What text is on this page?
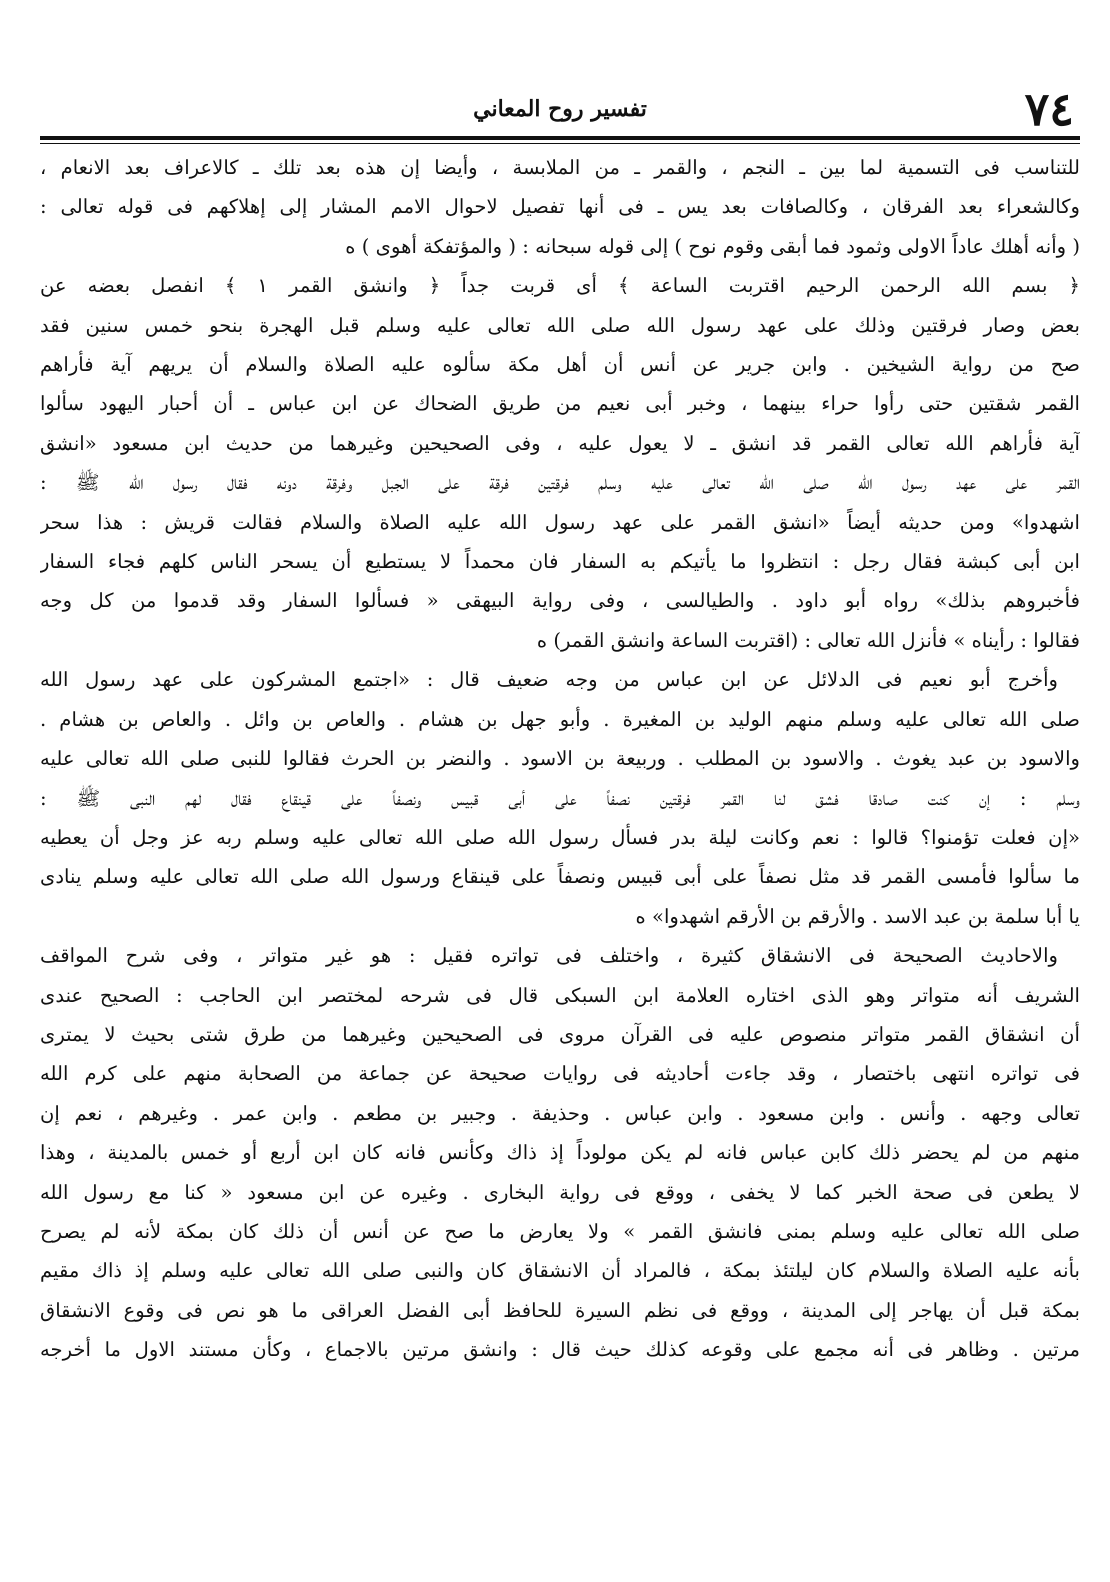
٧٤
تفسير روح المعاني
للتناسب فى التسمية لما بين ـ النجم ، والقمر ـ من الملابسة ، وأيضا إن هذه بعد تلك ـ كالاعراف بعد الانعام ،
وكالشعراء بعد الفرقان ، وكالصافات بعد يس ـ فى أنها تفصيل لاحوال الامم المشار إلى إهلاكهم فى قوله تعالى :
( وأنه أهلك عاداً الاولى وثمود فما أبقى وقوم نوح ) إلى قوله سبحانه : ( والمؤتفكة أهوى ) ه
﴿ بسم الله الرحمن الرحيم اقتربت الساعة ﴾ أى قربت جداً ﴿ وانشق القمر ١ ﴾ انفصل بعضه عن
بعض وصار فرقتين وذلك على عهد رسول الله صلى الله تعالى عليه وسلم قبل الهجرة بنحو خمس سنين فقد
صح من رواية الشيخين . وابن جرير عن أنس أن أهل مكة سألوه عليه الصلاة والسلام أن يريهم آية فأراهم
القمر شقتين حتى رأوا حراء بينهما ، وخبر أبى نعيم من طريق الضحاك عن ابن عباس ـ أن أحبار اليهود سألوا
آية فأراهم الله تعالى القمر قد انشق ـ لا يعول عليه ، وفى الصحيحين وغيرهما من حديث ابن مسعود «انشق
القمر على عهد رسول الله صلى الله تعالى عليه وسلم فرقتين فرقة على الجبل وفرقة دونه فقال رسول الله ﷺ :
اشهدوا» ومن حديثه أيضاً «انشق القمر على عهد رسول الله عليه الصلاة والسلام فقالت قريش : هذا سحر
ابن أبى كبشة فقال رجل : انتظروا ما يأتيكم به السفار فان محمداً لا يستطيع أن يسحر الناس كلهم فجاء السفار
فأخبروهم بذلك» رواه أبو داود . والطيالسى ، وفى رواية البيهقى « فسألوا السفار وقد قدموا من كل وجه
فقالوا : رأيناه » فأنزل الله تعالى : (اقتربت الساعة وانشق القمر) ه
وأخرج أبو نعيم فى الدلائل عن ابن عباس من وجه ضعيف قال : «اجتمع المشركون على عهد رسول الله
صلى الله تعالى عليه وسلم منهم الوليد بن المغيرة . وأبو جهل بن هشام . والعاص بن وائل . والعاص بن هشام .
والاسود بن عبد يغوث . والاسود بن المطلب . وربيعة بن الاسود . والنضر بن الحرث فقالوا للنبى صلى الله تعالى عليه
وسلم : إن كنت صادقا فشق لنا القمر فرقتين نصفاً على أبى قبيس ونصفاً على قينقاع فقال لهم النبى ﷺ :
«إن فعلت تؤمنوا؟ قالوا : نعم وكانت ليلة بدر فسأل رسول الله صلى الله تعالى عليه وسلم ربه عز وجل أن يعطيه
ما سألوا فأمسى القمر قد مثل نصفاً على أبى قبيس ونصفاً على قينقاع ورسول الله صلى الله تعالى عليه وسلم ينادى
يا أبا سلمة بن عبد الاسد . والأرقم بن الأرقم اشهدوا» ه
والاحاديث الصحيحة فى الانشقاق كثيرة ، واختلف فى تواتره فقيل : هو غير متواتر ، وفى شرح المواقف
الشريف أنه متواتر وهو الذى اختاره العلامة ابن السبكى قال فى شرحه لمختصر ابن الحاجب : الصحيح عندى
أن انشقاق القمر متواتر منصوص عليه فى القرآن مروى فى الصحيحين وغيرهما من طرق شتى بحيث لا يمترى
فى تواتره انتهى باختصار ، وقد جاءت أحاديثه فى روايات صحيحة عن جماعة من الصحابة منهم على كرم الله
تعالى وجهه . وأنس . وابن مسعود . وابن عباس . وحذيفة . وجبير بن مطعم . وابن عمر . وغيرهم ، نعم إن
منهم من لم يحضر ذلك كابن عباس فانه لم يكن مولوداً إذ ذاك وكأنس فانه كان ابن أربع أو خمس بالمدينة ، وهذا
لا يطعن فى صحة الخبر كما لا يخفى ، ووقع فى رواية البخارى . وغيره عن ابن مسعود « كنا مع رسول الله
صلى الله تعالى عليه وسلم بمنى فانشق القمر » ولا يعارض ما صح عن أنس أن ذلك كان بمكة لأنه لم يصرح
بأنه عليه الصلاة والسلام كان ليلتئذ بمكة ، فالمراد أن الانشقاق كان والنبى صلى الله تعالى عليه وسلم إذ ذاك مقيم
بمكة قبل أن يهاجر إلى المدينة ، ووقع فى نظم السيرة للحافظ أبى الفضل العراقى ما هو نص فى وقوع الانشقاق
مرتين . وظاهر فى أنه مجمع على وقوعه كذلك حيث قال : وانشق مرتين بالاجماع ، وكأن مستند الاول ما أخرجه
